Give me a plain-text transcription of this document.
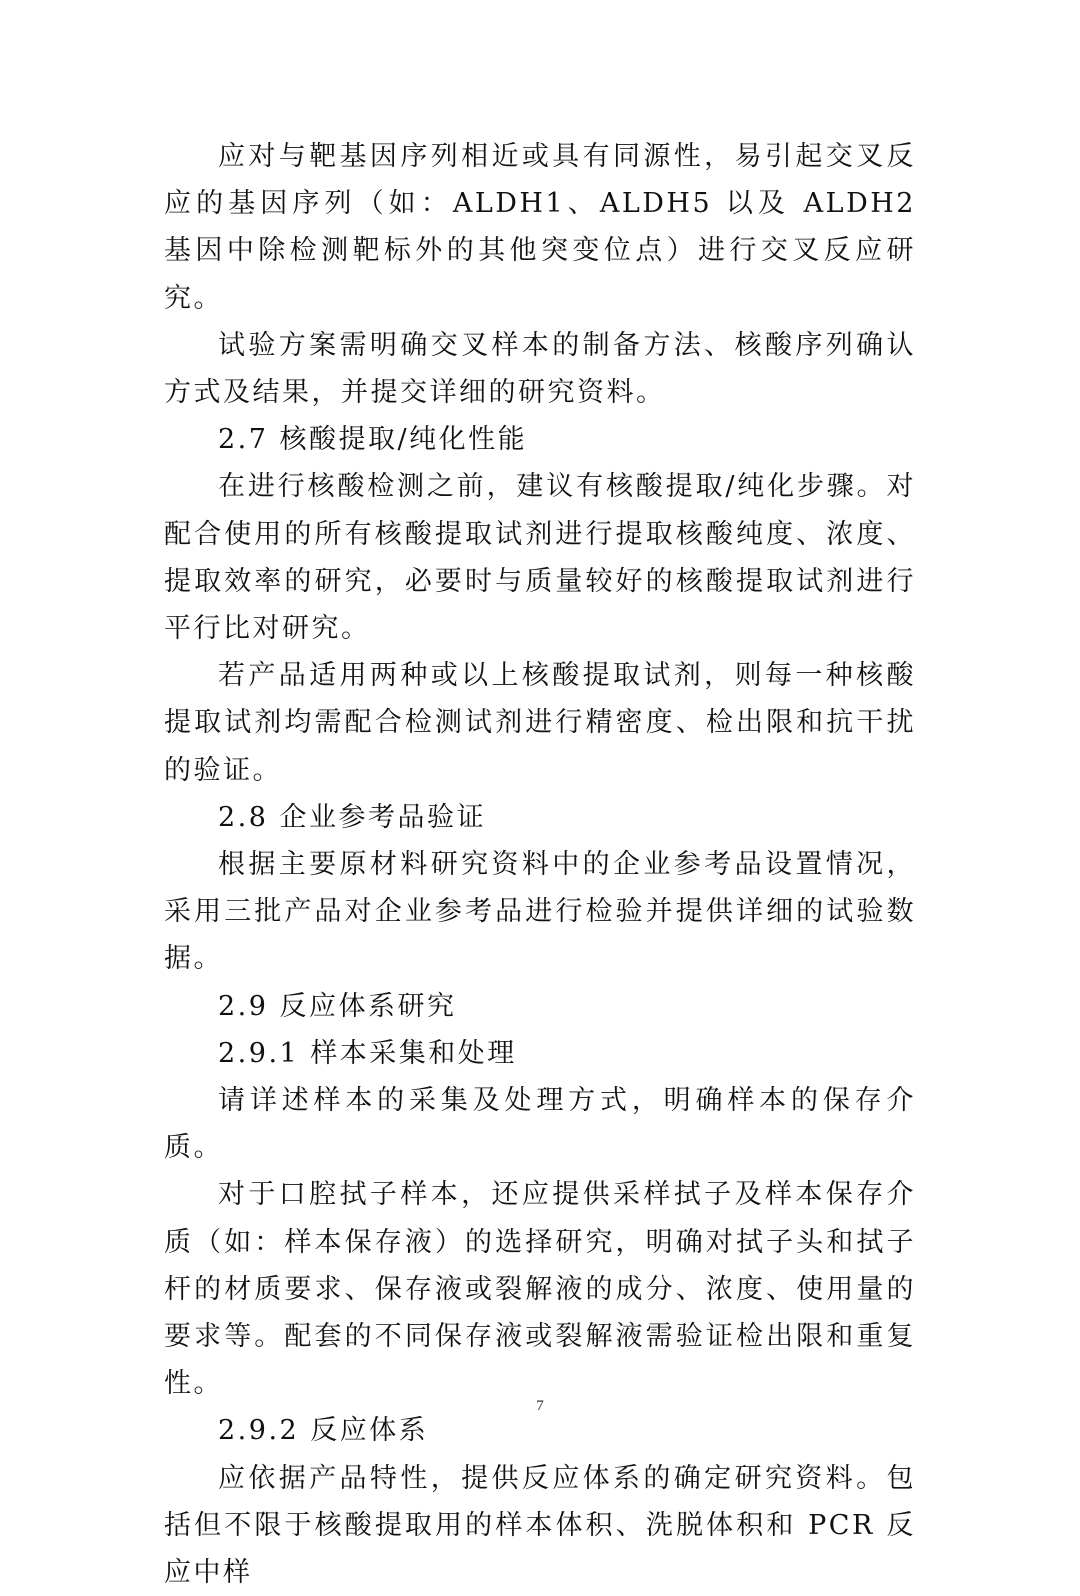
应对与靶基因序列相近或具有同源性，易引起交叉反应的基因序列（如：ALDH1、ALDH5 以及 ALDH2 基因中除检测靶标外的其他突变位点）进行交叉反应研究。

试验方案需明确交叉样本的制备方法、核酸序列确认方式及结果，并提交详细的研究资料。

2.7 核酸提取/纯化性能

在进行核酸检测之前，建议有核酸提取/纯化步骤。对配合使用的所有核酸提取试剂进行提取核酸纯度、浓度、提取效率的研究，必要时与质量较好的核酸提取试剂进行平行比对研究。

若产品适用两种或以上核酸提取试剂，则每一种核酸提取试剂均需配合检测试剂进行精密度、检出限和抗干扰的验证。

2.8 企业参考品验证

根据主要原材料研究资料中的企业参考品设置情况，采用三批产品对企业参考品进行检验并提供详细的试验数据。

2.9 反应体系研究

2.9.1 样本采集和处理

请详述样本的采集及处理方式，明确样本的保存介质。

对于口腔拭子样本，还应提供采样拭子及样本保存介质（如：样本保存液）的选择研究，明确对拭子头和拭子杆的材质要求、保存液或裂解液的成分、浓度、使用量的要求等。配套的不同保存液或裂解液需验证检出限和重复性。

2.9.2 反应体系

应依据产品特性，提供反应体系的确定研究资料。包括但不限于核酸提取用的样本体积、洗脱体积和 PCR 反应中样

7
